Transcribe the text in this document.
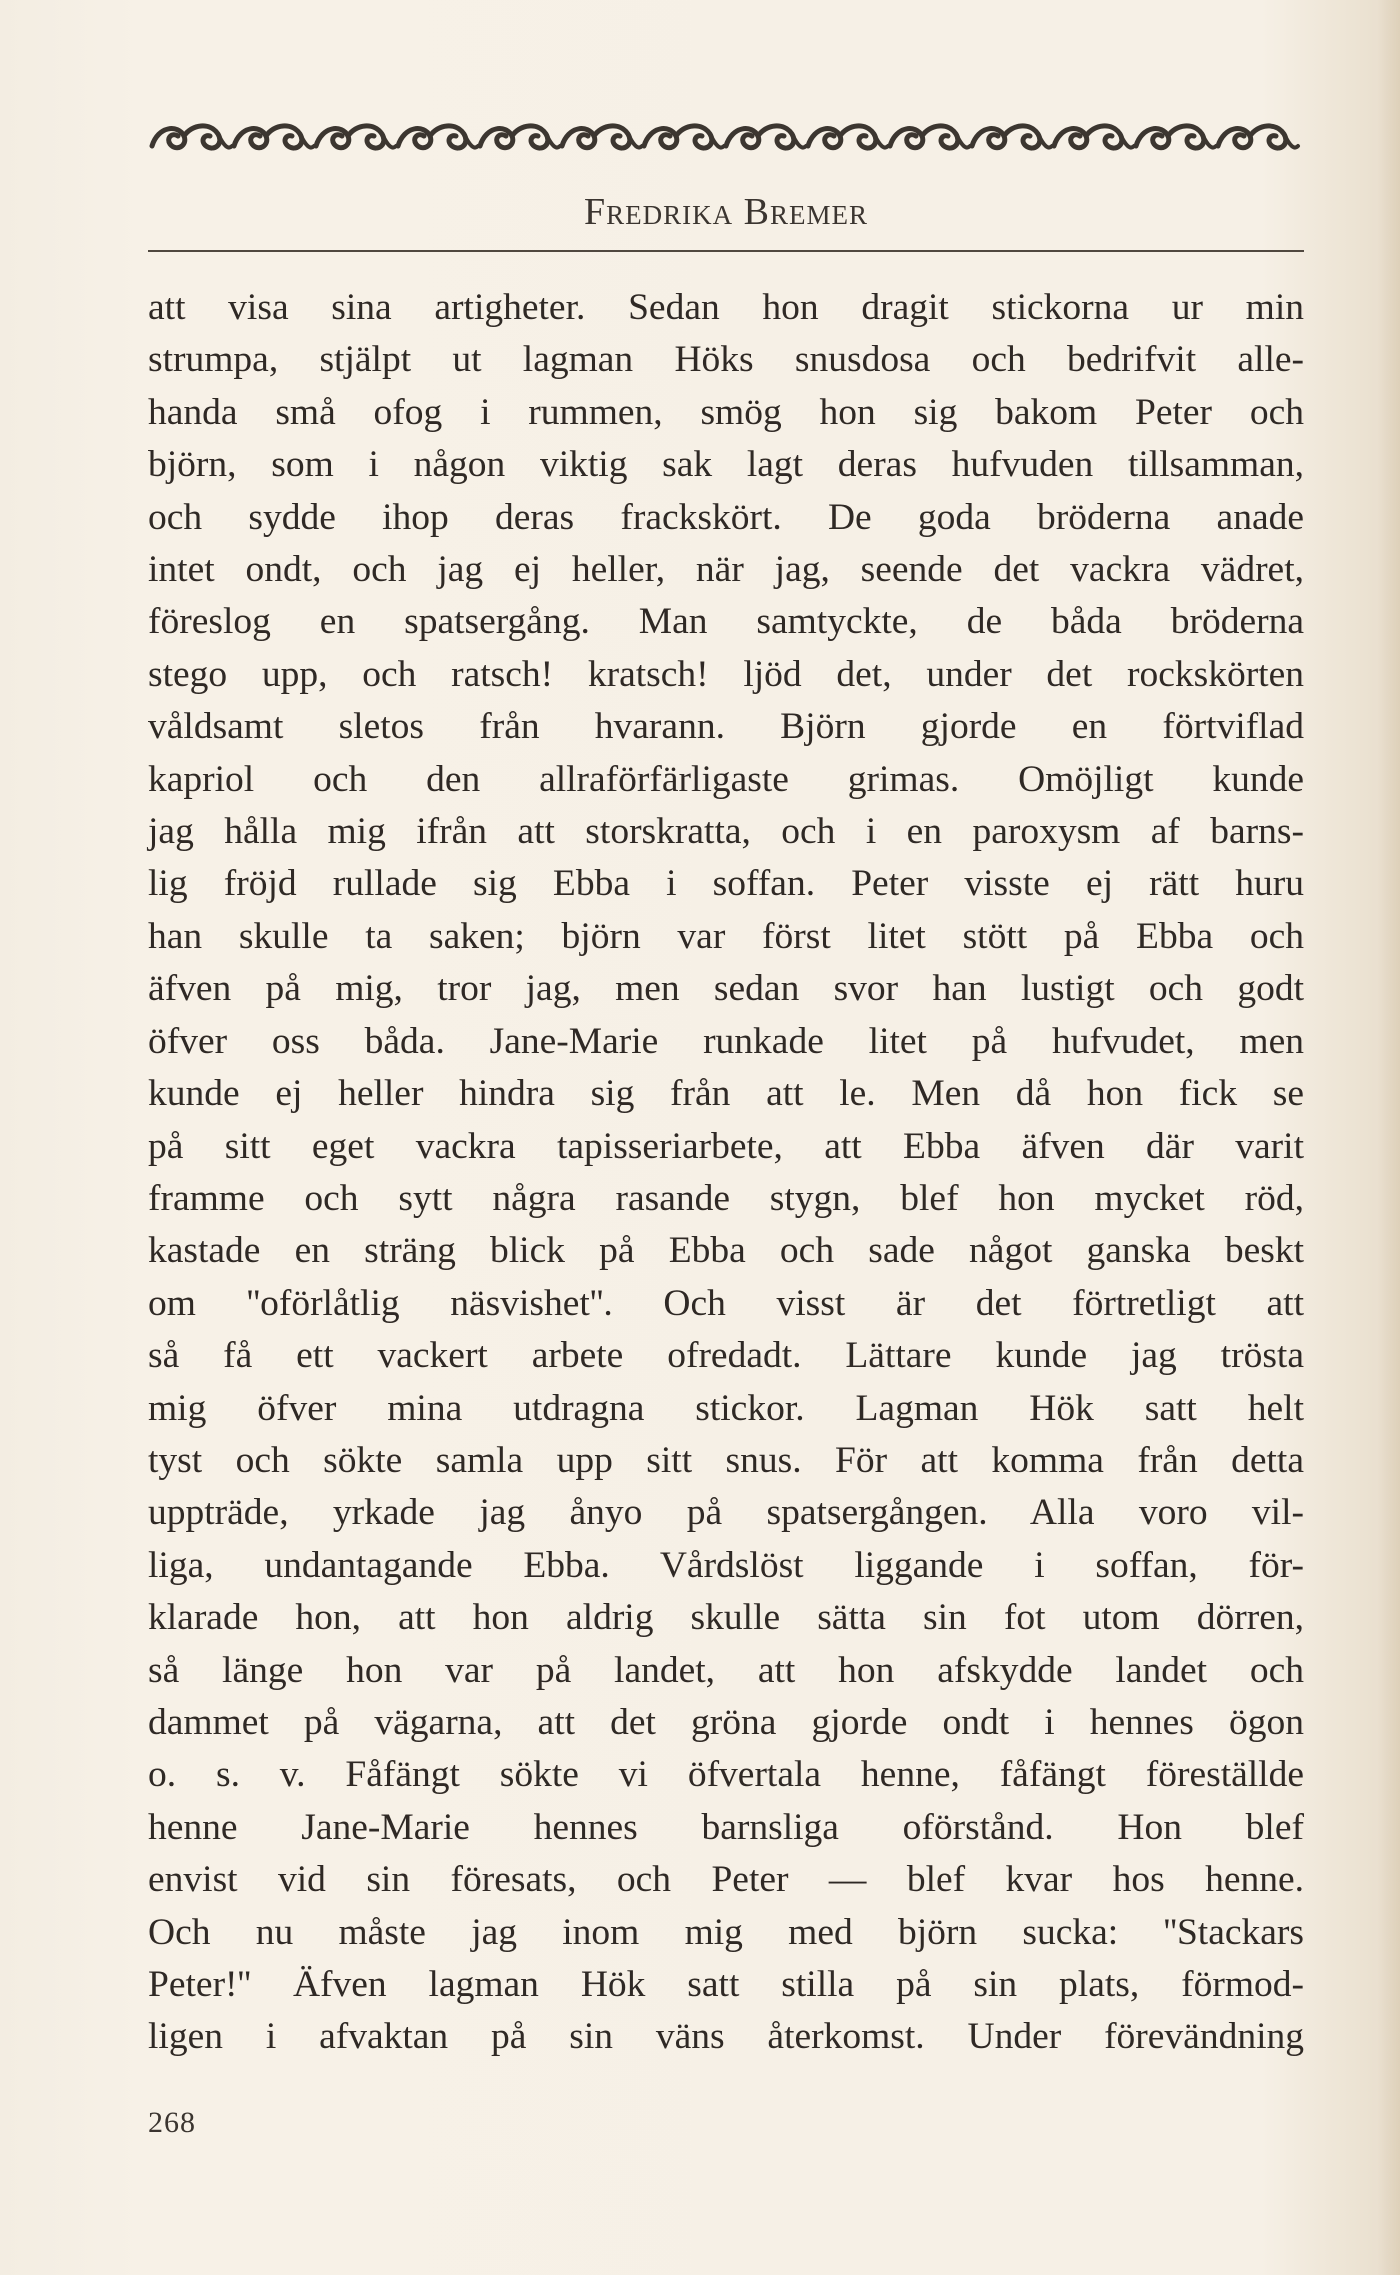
Fredrika Bremer
att visa sina artigheter. Sedan hon dragit stickorna ur min
strumpa, stjälpt ut lagman Höks snusdosa och bedrifvit alle-
handa små ofog i rummen, smög hon sig bakom Peter och
björn, som i någon viktig sak lagt deras hufvuden tillsamman,
och sydde ihop deras frackskört. De goda bröderna anade
intet ondt, och jag ej heller, när jag, seende det vackra vädret,
föreslog en spatsergång. Man samtyckte, de båda bröderna
stego upp, och ratsch! kratsch! ljöd det, under det rockskörten
våldsamt sletos från hvarann. Björn gjorde en förtviflad
kapriol och den allraförfärligaste grimas. Omöjligt kunde
jag hålla mig ifrån att storskratta, och i en paroxysm af barns-
lig fröjd rullade sig Ebba i soffan. Peter visste ej rätt huru
han skulle ta saken; björn var först litet stött på Ebba och
äfven på mig, tror jag, men sedan svor han lustigt och godt
öfver oss båda. Jane-Marie runkade litet på hufvudet, men
kunde ej heller hindra sig från att le. Men då hon fick se
på sitt eget vackra tapisseriarbete, att Ebba äfven där varit
framme och sytt några rasande stygn, blef hon mycket röd,
kastade en sträng blick på Ebba och sade något ganska beskt
om ''oförlåtlig näsvishet''. Och visst är det förtretligt att
så få ett vackert arbete ofredadt. Lättare kunde jag trösta
mig öfver mina utdragna stickor. Lagman Hök satt helt
tyst och sökte samla upp sitt snus. För att komma från detta
uppträde, yrkade jag ånyo på spatsergången. Alla voro vil-
liga, undantagande Ebba. Vårdslöst liggande i soffan, för-
klarade hon, att hon aldrig skulle sätta sin fot utom dörren,
så länge hon var på landet, att hon afskydde landet och
dammet på vägarna, att det gröna gjorde ondt i hennes ögon
o. s. v. Fåfängt sökte vi öfvertala henne, fåfängt föreställde
henne Jane-Marie hennes barnsliga oförstånd. Hon blef
envist vid sin föresats, och Peter — blef kvar hos henne.
Och nu måste jag inom mig med björn sucka: ''Stackars
Peter!'' Äfven lagman Hök satt stilla på sin plats, förmod-
ligen i afvaktan på sin väns återkomst. Under förevändning
268
